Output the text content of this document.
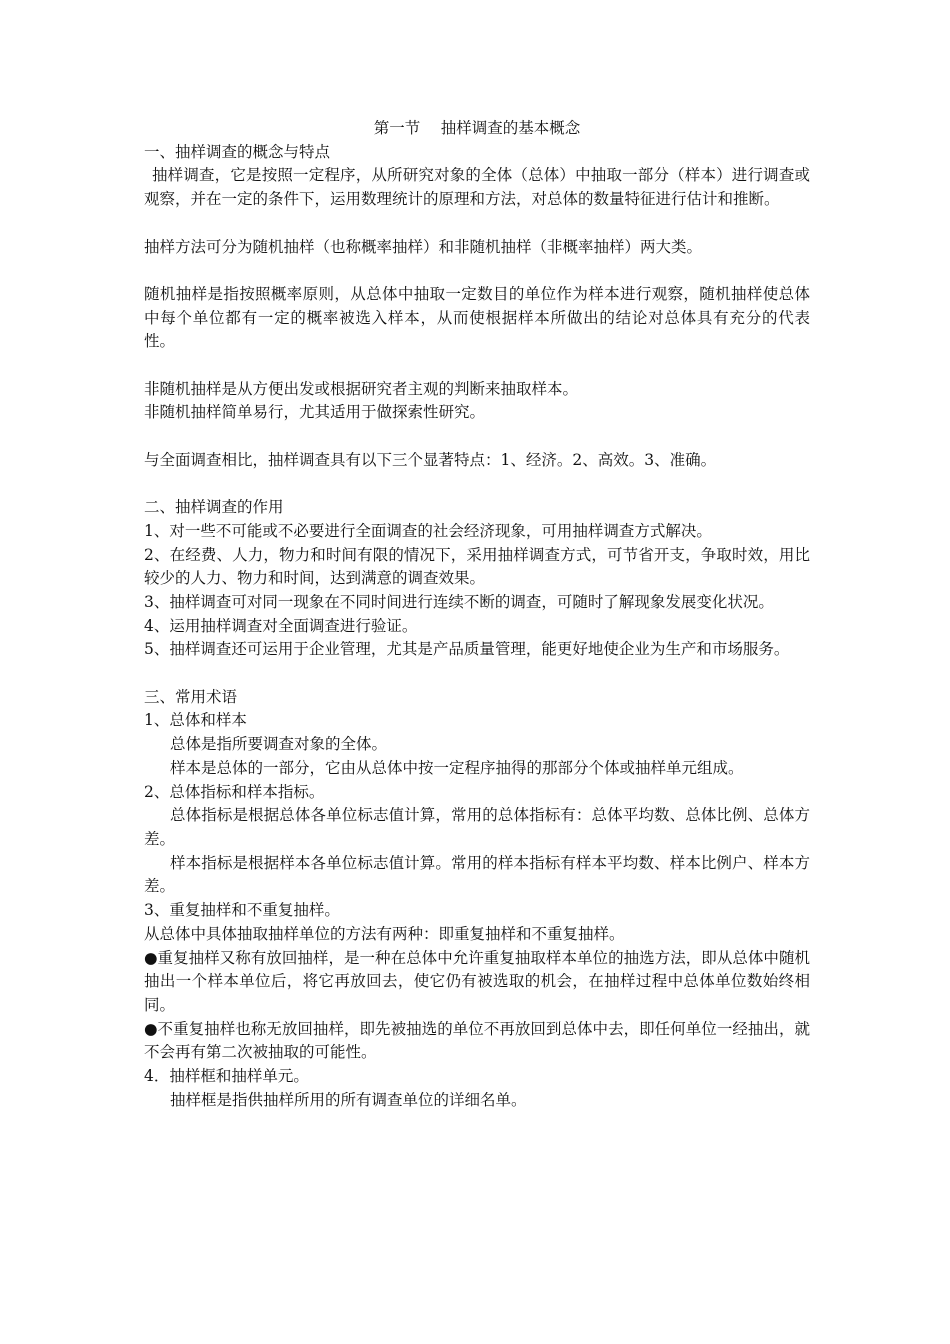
第一节　 抽样调查的基本概念

一、抽样调查的概念与特点

抽样调查，它是按照一定程序，从所研究对象的全体（总体）中抽取一部分（样本）进行调查或观察，并在一定的条件下，运用数理统计的原理和方法，对总体的数量特征进行估计和推断。

抽样方法可分为随机抽样（也称概率抽样）和非随机抽样（非概率抽样）两大类。

随机抽样是指按照概率原则，从总体中抽取一定数目的单位作为样本进行观察，随机抽样使总体中每个单位都有一定的概率被选入样本，从而使根据样本所做出的结论对总体具有充分的代表性。

非随机抽样是从方便出发或根据研究者主观的判断来抽取样本。

非随机抽样简单易行，尤其适用于做探索性研究。

与全面调查相比，抽样调查具有以下三个显著特点：1、经济。2、高效。3、准确。

二、抽样调查的作用

1、对一些不可能或不必要进行全面调查的社会经济现象，可用抽样调查方式解决。

2、在经费、人力，物力和时间有限的情况下，采用抽样调查方式，可节省开支，争取时效，用比较少的人力、物力和时间，达到满意的调查效果。

3、抽样调查可对同一现象在不同时间进行连续不断的调查，可随时了解现象发展变化状况。

4、运用抽样调查对全面调查进行验证。

5、抽样调查还可运用于企业管理，尤其是产品质量管理，能更好地使企业为生产和市场服务。

三、常用术语

1、总体和样本

总体是指所要调查对象的全体。

样本是总体的一部分，它由从总体中按一定程序抽得的那部分个体或抽样单元组成。

2、总体指标和样本指标。

总体指标是根据总体各单位标志值计算，常用的总体指标有：总体平均数、总体比例、总体方差。

样本指标是根据样本各单位标志值计算。常用的样本指标有样本平均数、样本比例户、样本方差。

3、重复抽样和不重复抽样。

从总体中具体抽取抽样单位的方法有两种：即重复抽样和不重复抽样。

●重复抽样又称有放回抽样，是一种在总体中允许重复抽取样本单位的抽选方法，即从总体中随机抽出一个样本单位后，将它再放回去，使它仍有被选取的机会，在抽样过程中总体单位数始终相同。

●不重复抽样也称无放回抽样，即先被抽选的单位不再放回到总体中去，即任何单位一经抽出，就不会再有第二次被抽取的可能性。

4．抽样框和抽样单元。

抽样框是指供抽样所用的所有调查单位的详细名单。
